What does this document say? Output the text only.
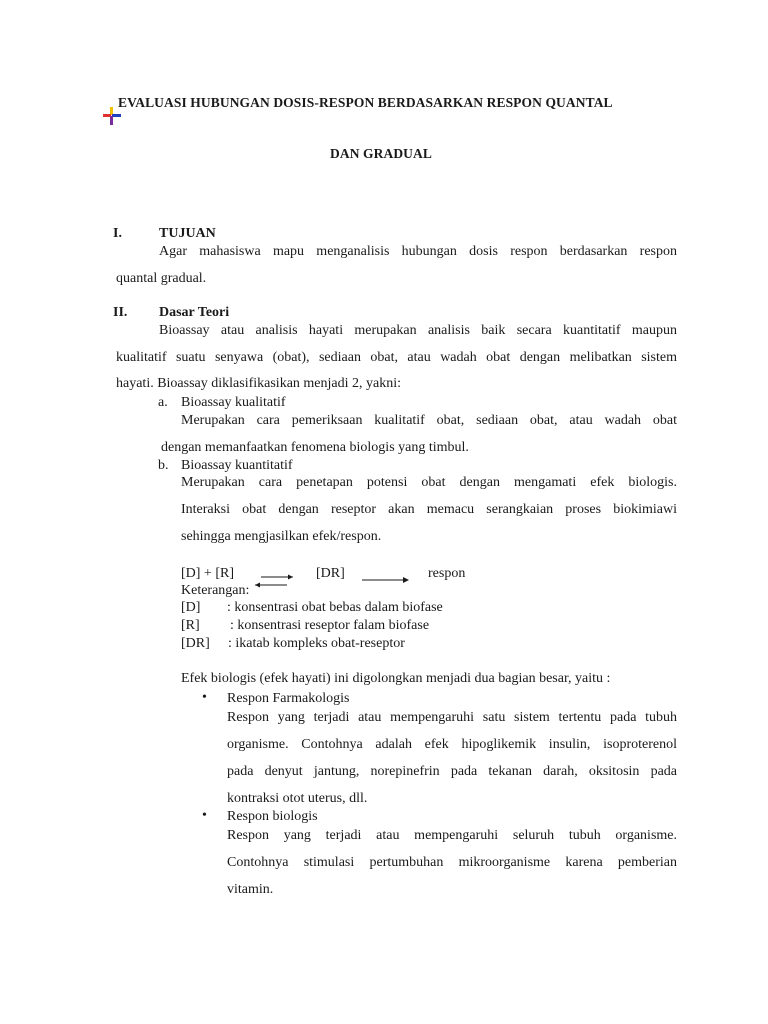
EVALUASI HUBUNGAN DOSIS-RESPON BERDASARKAN RESPON QUANTAL
DAN GRADUAL
I.	TUJUAN
Agar mahasiswa mapu menganalisis hubungan dosis respon berdasarkan respon
quantal gradual.
II. Dasar Teori
Bioassay atau analisis hayati merupakan analisis baik secara kuantitatif maupun
kualitatif suatu senyawa (obat), sediaan obat, atau wadah obat dengan melibatkan sistem
hayati. Bioassay diklasifikasikan menjadi 2, yakni:
a. Bioassay kualitatif
Merupakan cara pemeriksaan kualitatif obat, sediaan obat, atau wadah obat
dengan memanfaatkan fenomena biologis yang timbul.
b. Bioassay kuantitatif
Merupakan cara penetapan potensi obat dengan mengamati efek biologis.
Interaksi obat dengan reseptor akan memacu serangkaian proses biokimiawi
sehingga mengjasilkan efek/respon.
[D] + [R] ⇌ [DR]	respon
Keterangan:
[D] : konsentrasi obat bebas dalam biofase
[R] : konsentrasi reseptor falam biofase
[DR] : ikatab kompleks obat-reseptor
Efek biologis (efek hayati) ini digolongkan menjadi dua bagian besar, yaitu :
• Respon Farmakologis
Respon yang terjadi atau mempengaruhi satu sistem tertentu pada tubuh
organisme. Contohnya adalah efek hipoglikemik insulin, isoproterenol
pada denyut jantung, norepinefrin pada tekanan darah, oksitosin pada
kontraksi otot uterus, dll.
• Respon biologis
Respon yang terjadi atau mempengaruhi seluruh tubuh organisme.
Contohnya stimulasi pertumbuhan mikroorganisme karena pemberian
vitamin.
